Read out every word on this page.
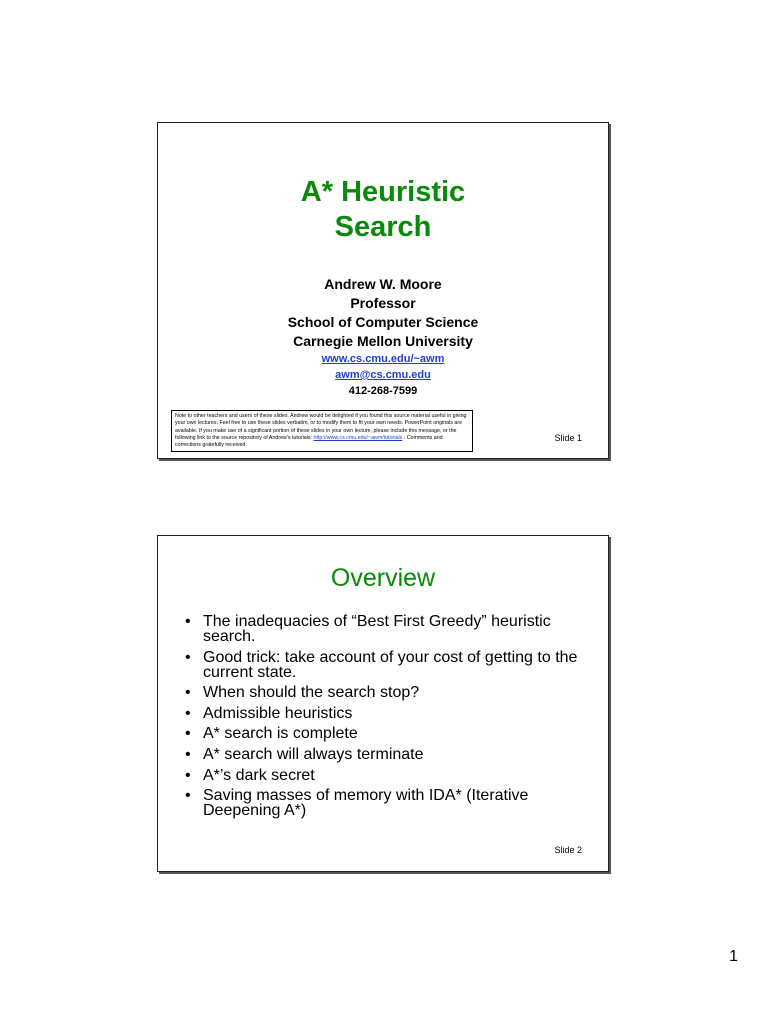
A* Heuristic
Search
Andrew W. Moore
Professor
School of Computer Science
Carnegie Mellon University
www.cs.cmu.edu/~awm
awm@cs.cmu.edu
412-268-7599
Note to other teachers and users of these slides. Andrew would be delighted if you found this source material useful in giving your own lectures. Feel free to use these slides verbatim, or to modify them to fit your own needs. PowerPoint originals are available. If you make use of a significant portion of these slides in your own lecture, please include this message, or the following link to the source repository of Andrew's tutorials: http://www.cs.cmu.edu/~awm/tutorials . Comments and corrections gratefully received.
Slide 1
Overview
• The inadequacies of “Best First Greedy” heuristic search.
• Good trick: take account of your cost of getting to the current state.
• When should the search stop?
• Admissible heuristics
• A* search is complete
• A* search will always terminate
• A*’s dark secret
• Saving masses of memory with IDA* (Iterative Deepening A*)
Slide 2
1
